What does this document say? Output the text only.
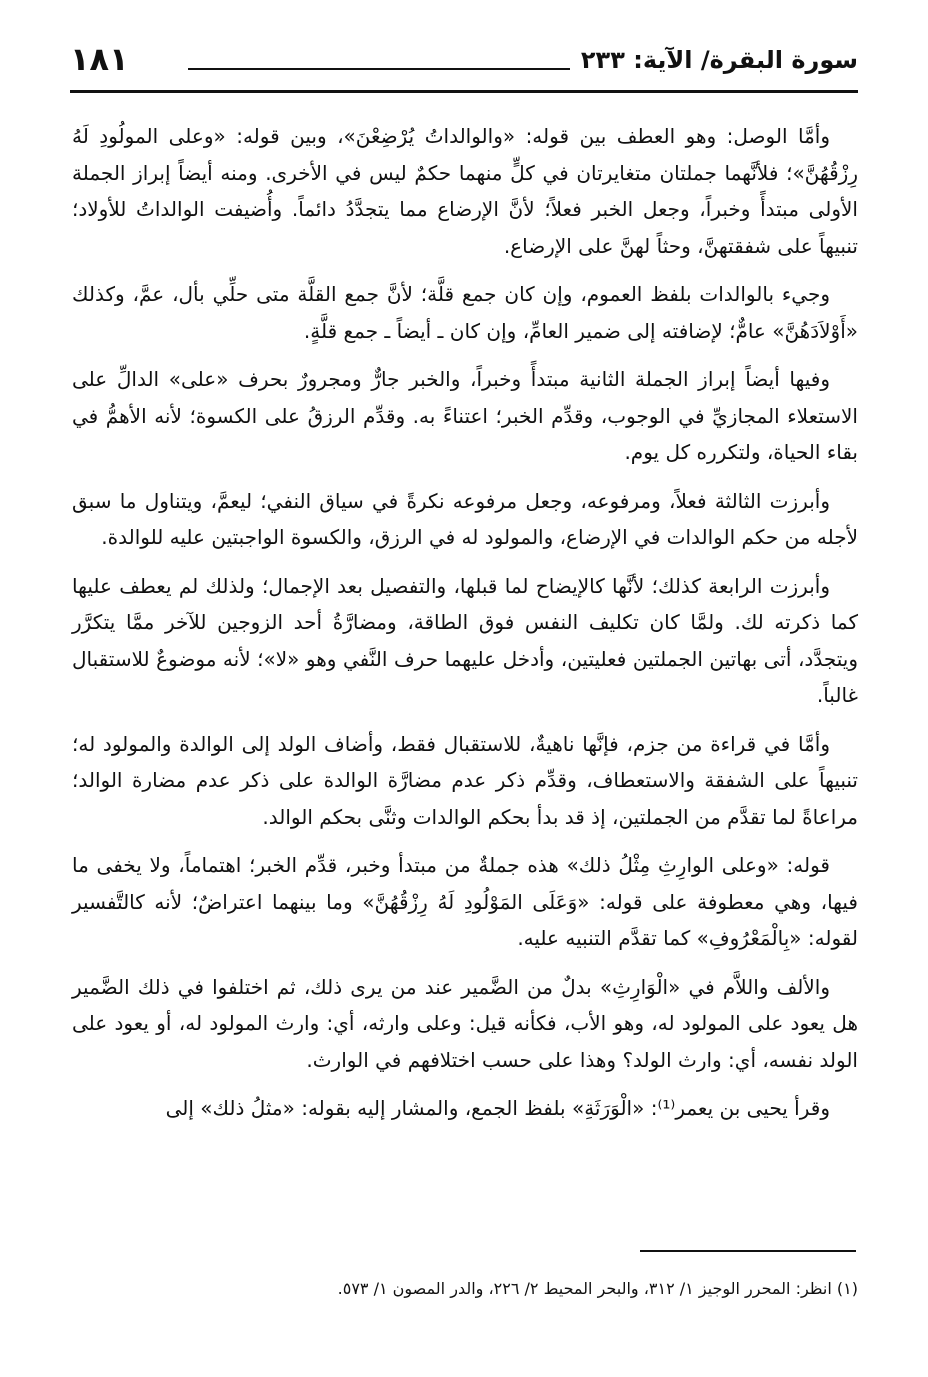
سورة البقرة/ الآية: ٢٣٣
١٨١

وأمَّا الوصل: وهو العطف بين قوله: «والوالداتُ يُرْضِعْنَ»، وبين قوله: «وعلى المولُودِ لَهُ رِزْقُهُنَّ»؛ فلأنَّهما جملتان متغايرتان في كلٍّ منهما حكمٌ ليس في الأخرى. ومنه أيضاً إبراز الجملة الأولى مبتدأً وخبراً، وجعل الخبر فعلاً؛ لأنَّ الإرضاع مما يتجدَّدُ دائماً. وأُضيفت الوالداتُ للأولاد؛ تنبيهاً على شفقتهنَّ، وحثاً لهنَّ على الإرضاع.

وجيء بالوالدات بلفظ العموم، وإن كان جمع قلَّة؛ لأنَّ جمع القلَّة متى حلِّي بأل، عمَّ، وكذلك «أَوْلاَدَهُنَّ» عامٌّ؛ لإضافته إلى ضمير العامِّ، وإن كان ـ أيضاً ـ جمع قلَّةٍ.

وفيها أيضاً إبراز الجملة الثانية مبتدأً وخبراً، والخبر جارٌّ ومجرورٌ بحرف «على» الدالِّ على الاستعلاء المجازيِّ في الوجوب، وقدِّم الخبر؛ اعتناءً به. وقدِّم الرزقُ على الكسوة؛ لأنه الأهمُّ في بقاء الحياة، ولتكرره كل يوم.

وأبرزت الثالثة فعلاً، ومرفوعه، وجعل مرفوعه نكرةً في سياق النفي؛ ليعمَّ، ويتناول ما سبق لأجله من حكم الوالدات في الإرضاع، والمولود له في الرزق، والكسوة الواجبتين عليه للوالدة.

وأبرزت الرابعة كذلك؛ لأنَّها كالإيضاح لما قبلها، والتفصيل بعد الإجمال؛ ولذلك لم يعطف عليها كما ذكرته لك. ولمَّا كان تكليف النفس فوق الطاقة، ومضارَّةُ أحد الزوجين للآخر ممَّا يتكرَّر ويتجدَّد، أتى بهاتين الجملتين فعليتين، وأدخل عليهما حرف النَّفي وهو «لا»؛ لأنه موضوعٌ للاستقبال غالباً.

وأمَّا في قراءة من جزم، فإنَّها ناهيةٌ، للاستقبال فقط، وأضاف الولد إلى الوالدة والمولود له؛ تنبيهاً على الشفقة والاستعطاف، وقدِّم ذكر عدم مضارَّة الوالدة على ذكر عدم مضارة الوالد؛ مراعاةً لما تقدَّم من الجملتين، إذ قد بدأ بحكم الوالدات وثنَّى بحكم الوالد.

قوله: «وعلى الوارِثِ مِثْلُ ذلك» هذه جملةٌ من مبتدأ وخبر، قدِّم الخبر؛ اهتماماً، ولا يخفى ما فيها، وهي معطوفة على قوله: «وَعَلَى المَوْلُودِ لَهُ رِزْقُهُنَّ» وما بينهما اعتراضٌ؛ لأنه كالتَّفسير لقوله: «بِالْمَعْرُوفِ» كما تقدَّم التنبيه عليه.

والألف واللاَّم في «الْوَارِثِ» بدلٌ من الضَّمير عند من يرى ذلك، ثم اختلفوا في ذلك الضَّمير هل يعود على المولود له، وهو الأب، فكأنه قيل: وعلى وارثه، أي: وارث المولود له، أو يعود على الولد نفسه، أي: وارث الولد؟ وهذا على حسب اختلافهم في الوارث.

وقرأ يحيى بن يعمر⁽¹⁾: «الْوَرَثَةِ» بلفظ الجمع، والمشار إليه بقوله: «مثلُ ذلك» إلى

(١) انظر: المحرر الوجيز ١/ ٣١٢، والبحر المحيط ٢/ ٢٢٦، والدر المصون ١/ ٥٧٣.
